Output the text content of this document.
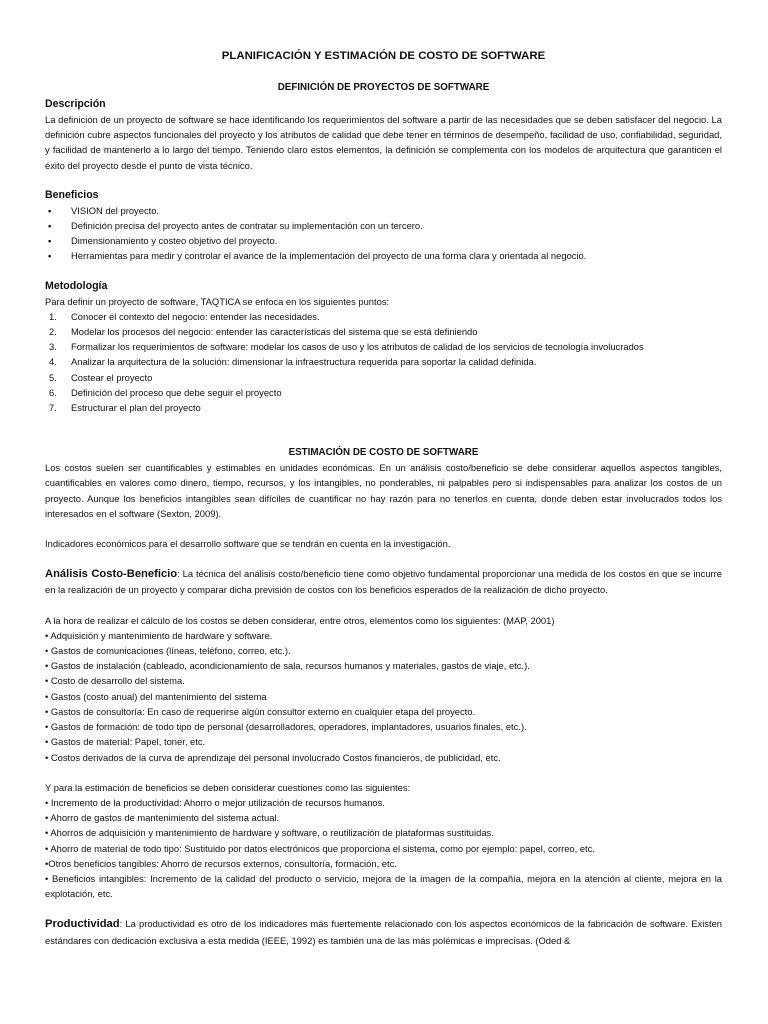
PLANIFICACIÓN Y ESTIMACIÓN DE COSTO DE SOFTWARE
DEFINICIÓN DE PROYECTOS DE SOFTWARE
Descripción

La definición de un proyecto de software se hace identificando los requerimientos del software a partir de las necesidades que se deben satisfacer del negocio. La definición cubre aspectos funcionales del proyecto y los atributos de calidad que debe tener en términos de desempeño, facilidad de uso, confiabilidad, seguridad, y facilidad de mantenerlo a lo largo del tiempo. Teniendo claro estos elementos, la definición se complementa con los modelos de arquitectura que garanticen el éxito del proyecto desde el punto de vista técnico.

Beneficios
• VISION del proyecto.
• Definición precisa del proyecto antes de contratar su implementación con un tercero.
• Dimensionamiento y costeo objetivo del proyecto.
• Herramientas para medir y controlar el avance de la implementación del proyecto de una forma clara y orientada al negocio.
Metodología

Para definir un proyecto de software, TAQTICA se enfoca en los siguientes puntos:

1. Conocer el contexto del negocio: entender las necesidades.
2. Modelar los procesos del negocio: entender las características del sistema que se está definiendo
3. Formalizar los requerimientos de software: modelar los casos de uso y los atributos de calidad de los servicios de tecnología involucrados
4. Analizar la arquitectura de la solución: dimensionar la infraestructura requerida para soportar la calidad definida.
5. Costear el proyecto
6. Definición del proceso que debe seguir el proyecto
7. Estructurar el plan del proyecto
ESTIMACIÓN DE COSTO DE SOFTWARE

Los costos suelen ser cuantificables y estimables en unidades económicas. En un análisis costo/beneficio se debe considerar aquellos aspectos tangibles, cuantificables en valores como dinero, tiempo, recursos, y los intangibles, no ponderables, ni palpables pero si indispensables para analizar los costos de un proyecto. Aunque los beneficios intangibles sean difíciles de cuantificar no hay razón para no tenerlos en cuenta, donde deben estar involucrados todos los interesados en el software (Sexton, 2009).

Indicadores económicos para el desarrollo software que se tendrán en cuenta en la investigación.

Análisis Costo-Beneficio: La técnica del análisis costo/beneficio tiene como objetivo fundamental proporcionar una medida de los costos en que se incurre en la realización de un proyecto y comparar dicha previsión de costos con los beneficios esperados de la realización de dicho proyecto.

A la hora de realizar el cálculo de los costos se deben considerar, entre otros, elementos como los siguientes: (MAP, 2001)

• Adquisición y mantenimiento de hardware y software.
• Gastos de comunicaciones (líneas, teléfono, correo, etc.).
• Gastos de instalación (cableado, acondicionamiento de sala, recursos humanos y materiales, gastos de viaje, etc.).
• Costo de desarrollo del sistema.
• Gastos (costo anual) del mantenimiento del sistema
• Gastos de consultoría: En caso de requerirse algún consultor externo en cualquier etapa del proyecto.
• Gastos de formación: de todo tipo de personal (desarrolladores, operadores, implantadores, usuarios finales, etc.).
• Gastos de material: Papel, toner, etc.
• Costos derivados de la curva de aprendizaje del personal involucrado Costos financieros, de publicidad, etc.

Y para la estimación de beneficios se deben considerar cuestiones como las siguientes:

• Incremento de la productividad: Ahorro o mejor utilización de recursos humanos.
• Ahorro de gastos de mantenimiento del sistema actual.
• Ahorros de adquisición y mantenimiento de hardware y software, o reutilización de plataformas sustituidas.
• Ahorro de material de todo tipo: Sustituido por datos electrónicos que proporciona el sistema, como por ejemplo: papel, correo, etc.
•Otros beneficios tangibles: Ahorro de recursos externos, consultoría, formación, etc.
• Beneficios intangibles: Incremento de la calidad del producto o servicio, mejora de la imagen de la compañía, mejora en la atención al cliente, mejora en la explotación, etc.

Productividad: La productividad es otro de los indicadores más fuertemente relacionado con los aspectos económicos de la fabricación de software. Existen estándares con dedicación exclusiva a esta medida (IEEE, 1992) es también una de las más polémicas e imprecisas. (Oded &
